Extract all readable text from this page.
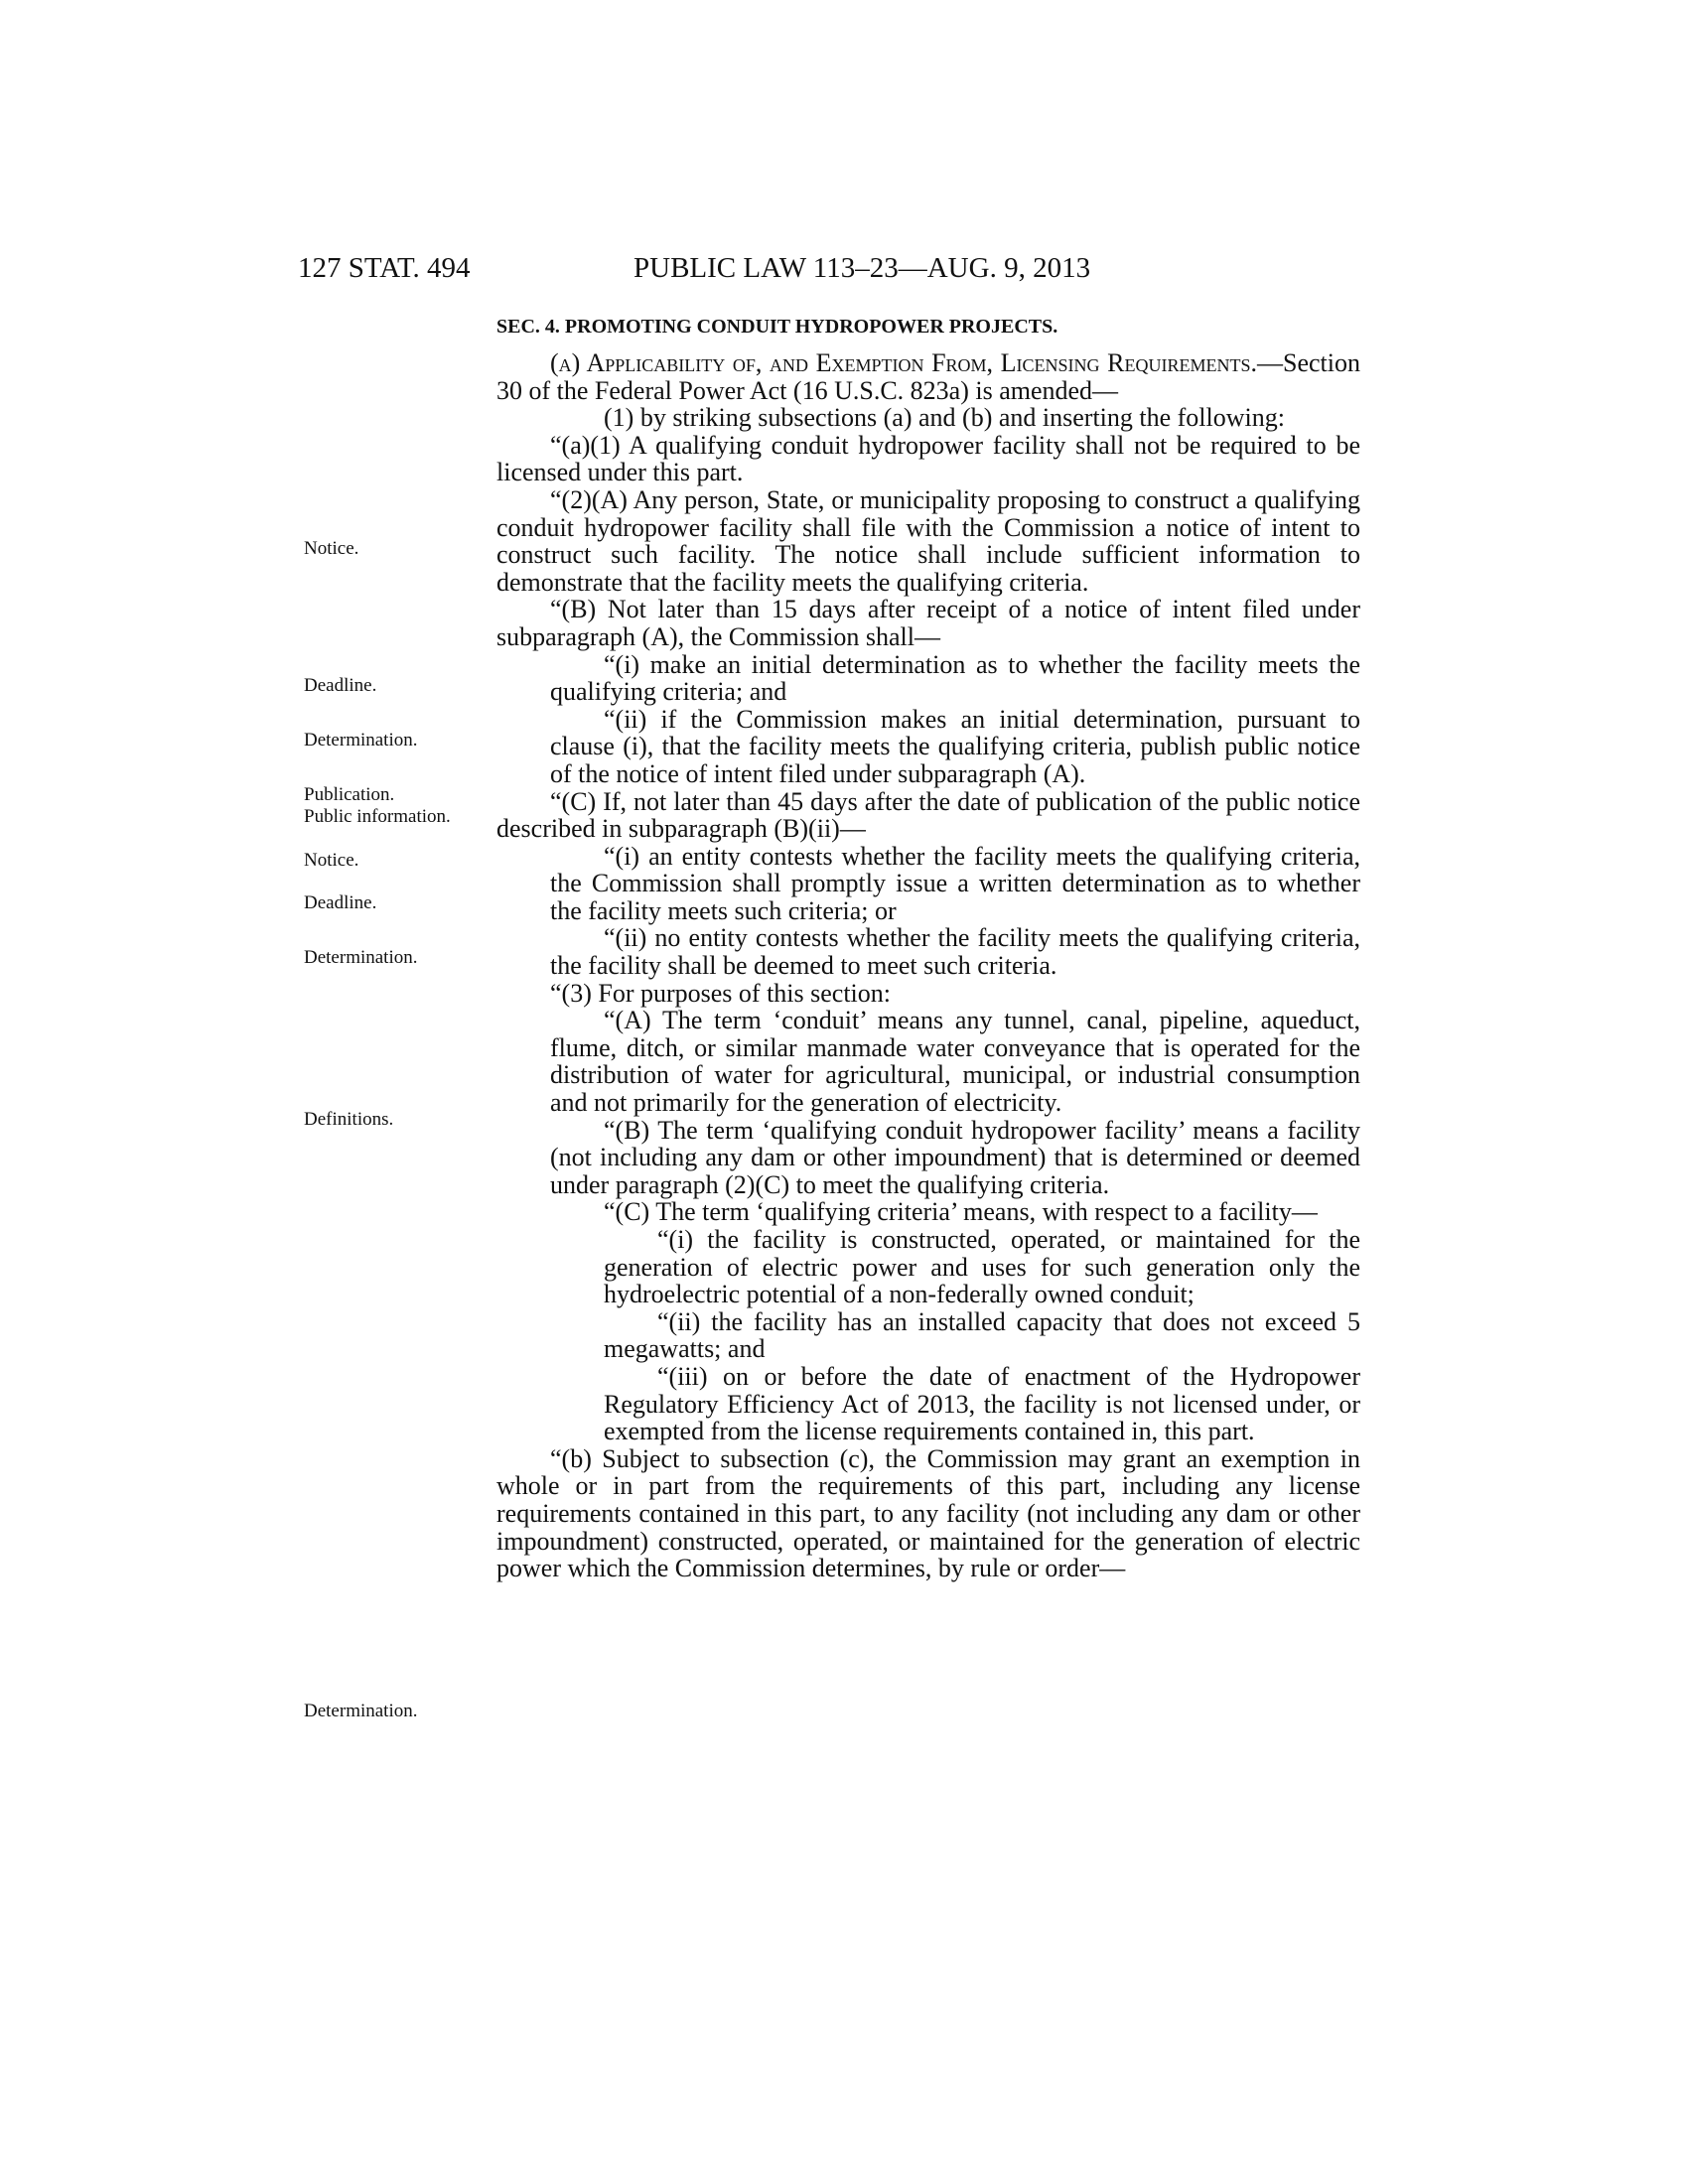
127 STAT. 494	PUBLIC LAW 113–23—AUG. 9, 2013
SEC. 4. PROMOTING CONDUIT HYDROPOWER PROJECTS.

(a) Applicability of, and Exemption From, Licensing Requirements.—Section 30 of the Federal Power Act (16 U.S.C. 823a) is amended—

(1) by striking subsections (a) and (b) and inserting the following:

“(a)(1) A qualifying conduit hydropower facility shall not be required to be licensed under this part.

“(2)(A) Any person, State, or municipality proposing to construct a qualifying conduit hydropower facility shall file with the Commission a notice of intent to construct such facility. The notice shall include sufficient information to demonstrate that the facility meets the qualifying criteria.

“(B) Not later than 15 days after receipt of a notice of intent filed under subparagraph (A), the Commission shall—

“(i) make an initial determination as to whether the facility meets the qualifying criteria; and

“(ii) if the Commission makes an initial determination, pursuant to clause (i), that the facility meets the qualifying criteria, publish public notice of the notice of intent filed under subparagraph (A).

“(C) If, not later than 45 days after the date of publication of the public notice described in subparagraph (B)(ii)—

“(i) an entity contests whether the facility meets the qualifying criteria, the Commission shall promptly issue a written determination as to whether the facility meets such criteria; or

“(ii) no entity contests whether the facility meets the qualifying criteria, the facility shall be deemed to meet such criteria.

“(3) For purposes of this section:

“(A) The term ‘conduit’ means any tunnel, canal, pipeline, aqueduct, flume, ditch, or similar manmade water conveyance that is operated for the distribution of water for agricultural, municipal, or industrial consumption and not primarily for the generation of electricity.

“(B) The term ‘qualifying conduit hydropower facility’ means a facility (not including any dam or other impoundment) that is determined or deemed under paragraph (2)(C) to meet the qualifying criteria.

“(C) The term ‘qualifying criteria’ means, with respect to a facility—

“(i) the facility is constructed, operated, or maintained for the generation of electric power and uses for such generation only the hydroelectric potential of a non-federally owned conduit;

“(ii) the facility has an installed capacity that does not exceed 5 megawatts; and

“(iii) on or before the date of enactment of the Hydropower Regulatory Efficiency Act of 2013, the facility is not licensed under, or exempted from the license requirements contained in, this part.

“(b) Subject to subsection (c), the Commission may grant an exemption in whole or in part from the requirements of this part, including any license requirements contained in this part, to any facility (not including any dam or other impoundment) constructed, operated, or maintained for the generation of electric power which the Commission determines, by rule or order—

Notice.
Deadline.
Determination.
Publication.
Public information.
Notice.
Deadline.
Determination.
Definitions.
Determination.
